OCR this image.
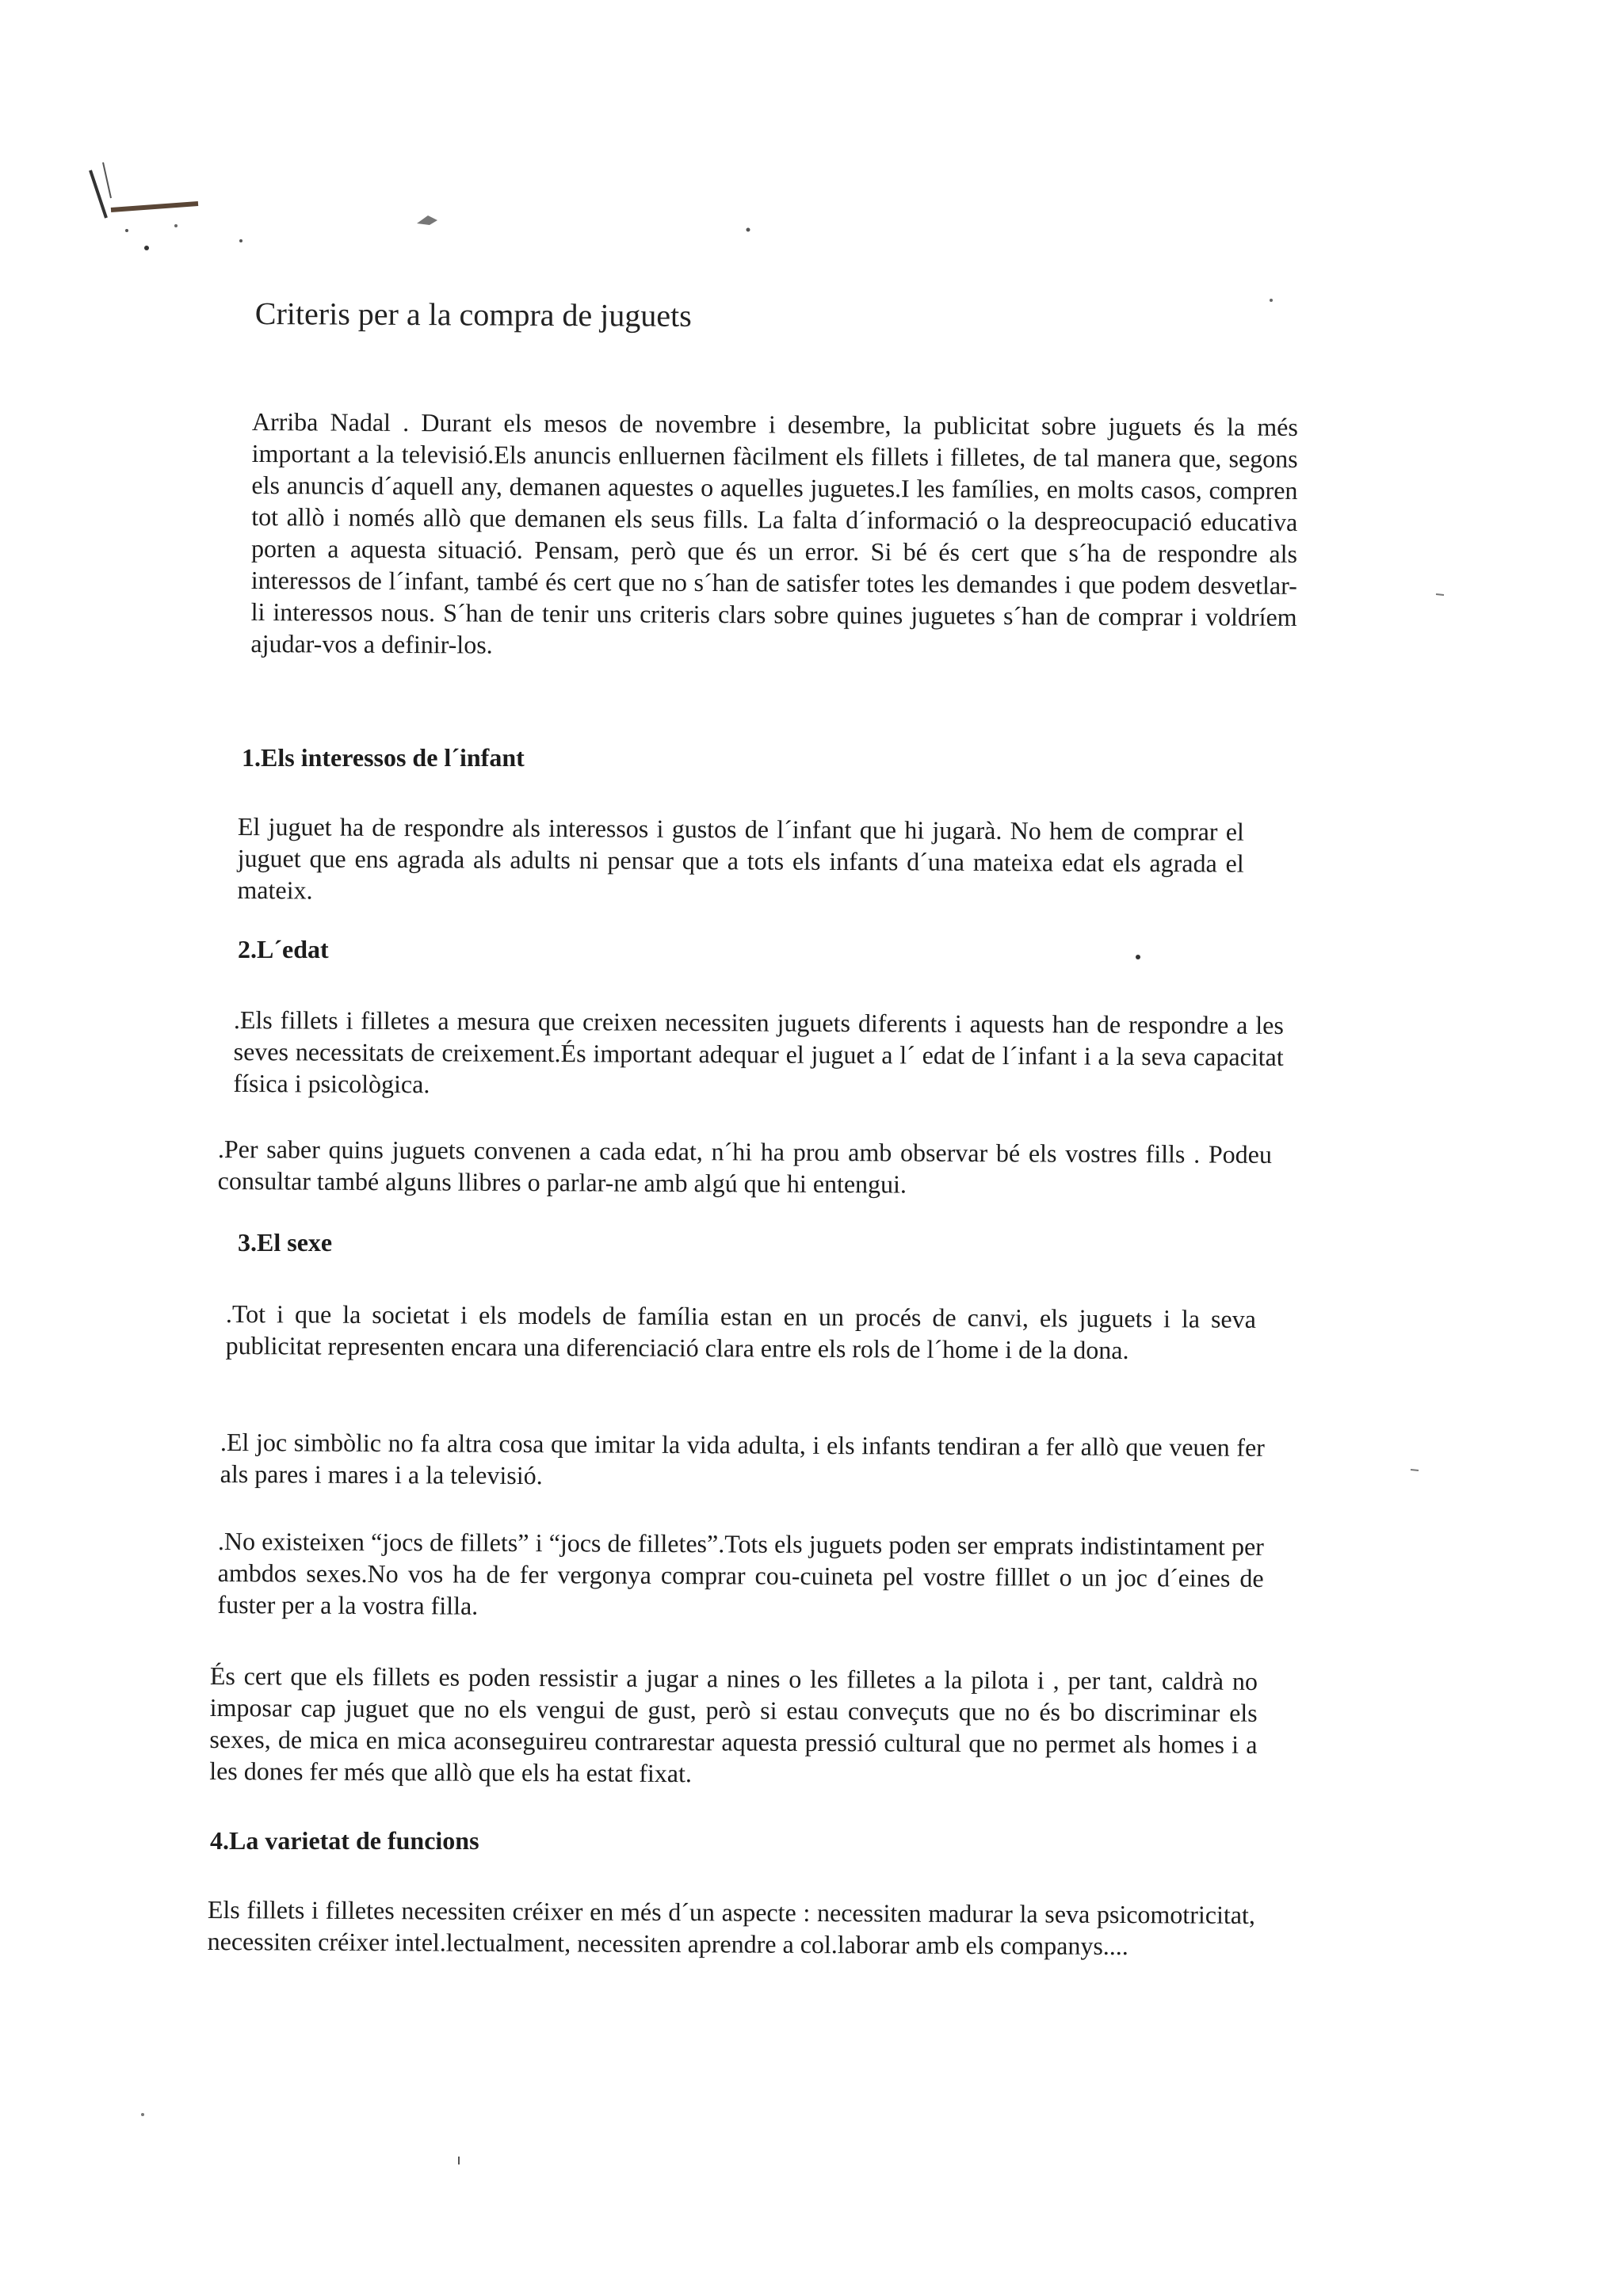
Criteris per a la compra de juguets

Arriba Nadal . Durant els mesos de novembre i desembre, la publicitat sobre juguets és la més important a la televisió.Els anuncis enlluernen fàcilment els fillets i filletes, de tal manera que, segons els anuncis d´aquell any, demanen aquestes o aquelles juguetes.I les famílies, en molts casos, compren tot allò i només allò que demanen els seus fills. La falta d´informació o la despreocupació educativa porten a aquesta situació. Pensam, però que és un error. Si bé és cert que s´ha de respondre als interessos de l´infant, també és cert que no s´han de satisfer totes les demandes i que podem desvetlar-li interessos nous. S´han de tenir uns criteris clars sobre quines juguetes s´han de comprar i voldríem ajudar-vos a definir-los.

1.Els interessos de l´infant

El juguet ha de respondre als interessos i gustos de l´infant que hi jugarà. No hem de comprar el juguet que ens agrada als adults ni pensar que a tots els infants d´una mateixa edat els agrada el mateix.

2.L´edat

.Els fillets i filletes a mesura que creixen necessiten juguets diferents i aquests han de respondre a les seves necessitats de creixement.És important adequar el juguet a l´ edat de l´infant i a la seva capacitat física i psicològica.

.Per saber quins juguets convenen a cada edat, n´hi ha prou amb observar bé els vostres fills . Podeu consultar també alguns llibres o parlar-ne amb algú que hi entengui.

3.El sexe

.Tot i que la societat i els models de família estan en un procés de canvi, els juguets i la seva publicitat representen encara una diferenciació clara entre els rols de l´home i de la dona.

.El joc simbòlic no fa altra cosa que imitar la vida adulta, i els infants tendiran a fer allò que veuen fer als pares i mares i a la televisió.

.No existeixen “jocs de fillets” i “jocs de filletes”.Tots els juguets poden ser emprats indistintament per ambdos sexes.No vos ha de fer vergonya comprar cou-cuineta pel vostre filllet o un joc d´eines de fuster per a la vostra filla.

És cert que els fillets es poden ressistir a jugar a nines o les filletes a la pilota i , per tant, caldrà no imposar cap juguet que no els vengui de gust, però si estau conveçuts que no és bo discriminar els sexes, de mica en mica aconseguireu contrarestar aquesta pressió cultural que no permet als homes i a les dones fer més que allò que els ha estat fixat.

4.La varietat de funcions

Els fillets i filletes necessiten créixer en més d´un aspecte : necessiten madurar la seva psicomotricitat, necessiten créixer intel.lectualment, necessiten aprendre a col.laborar amb els companys....
